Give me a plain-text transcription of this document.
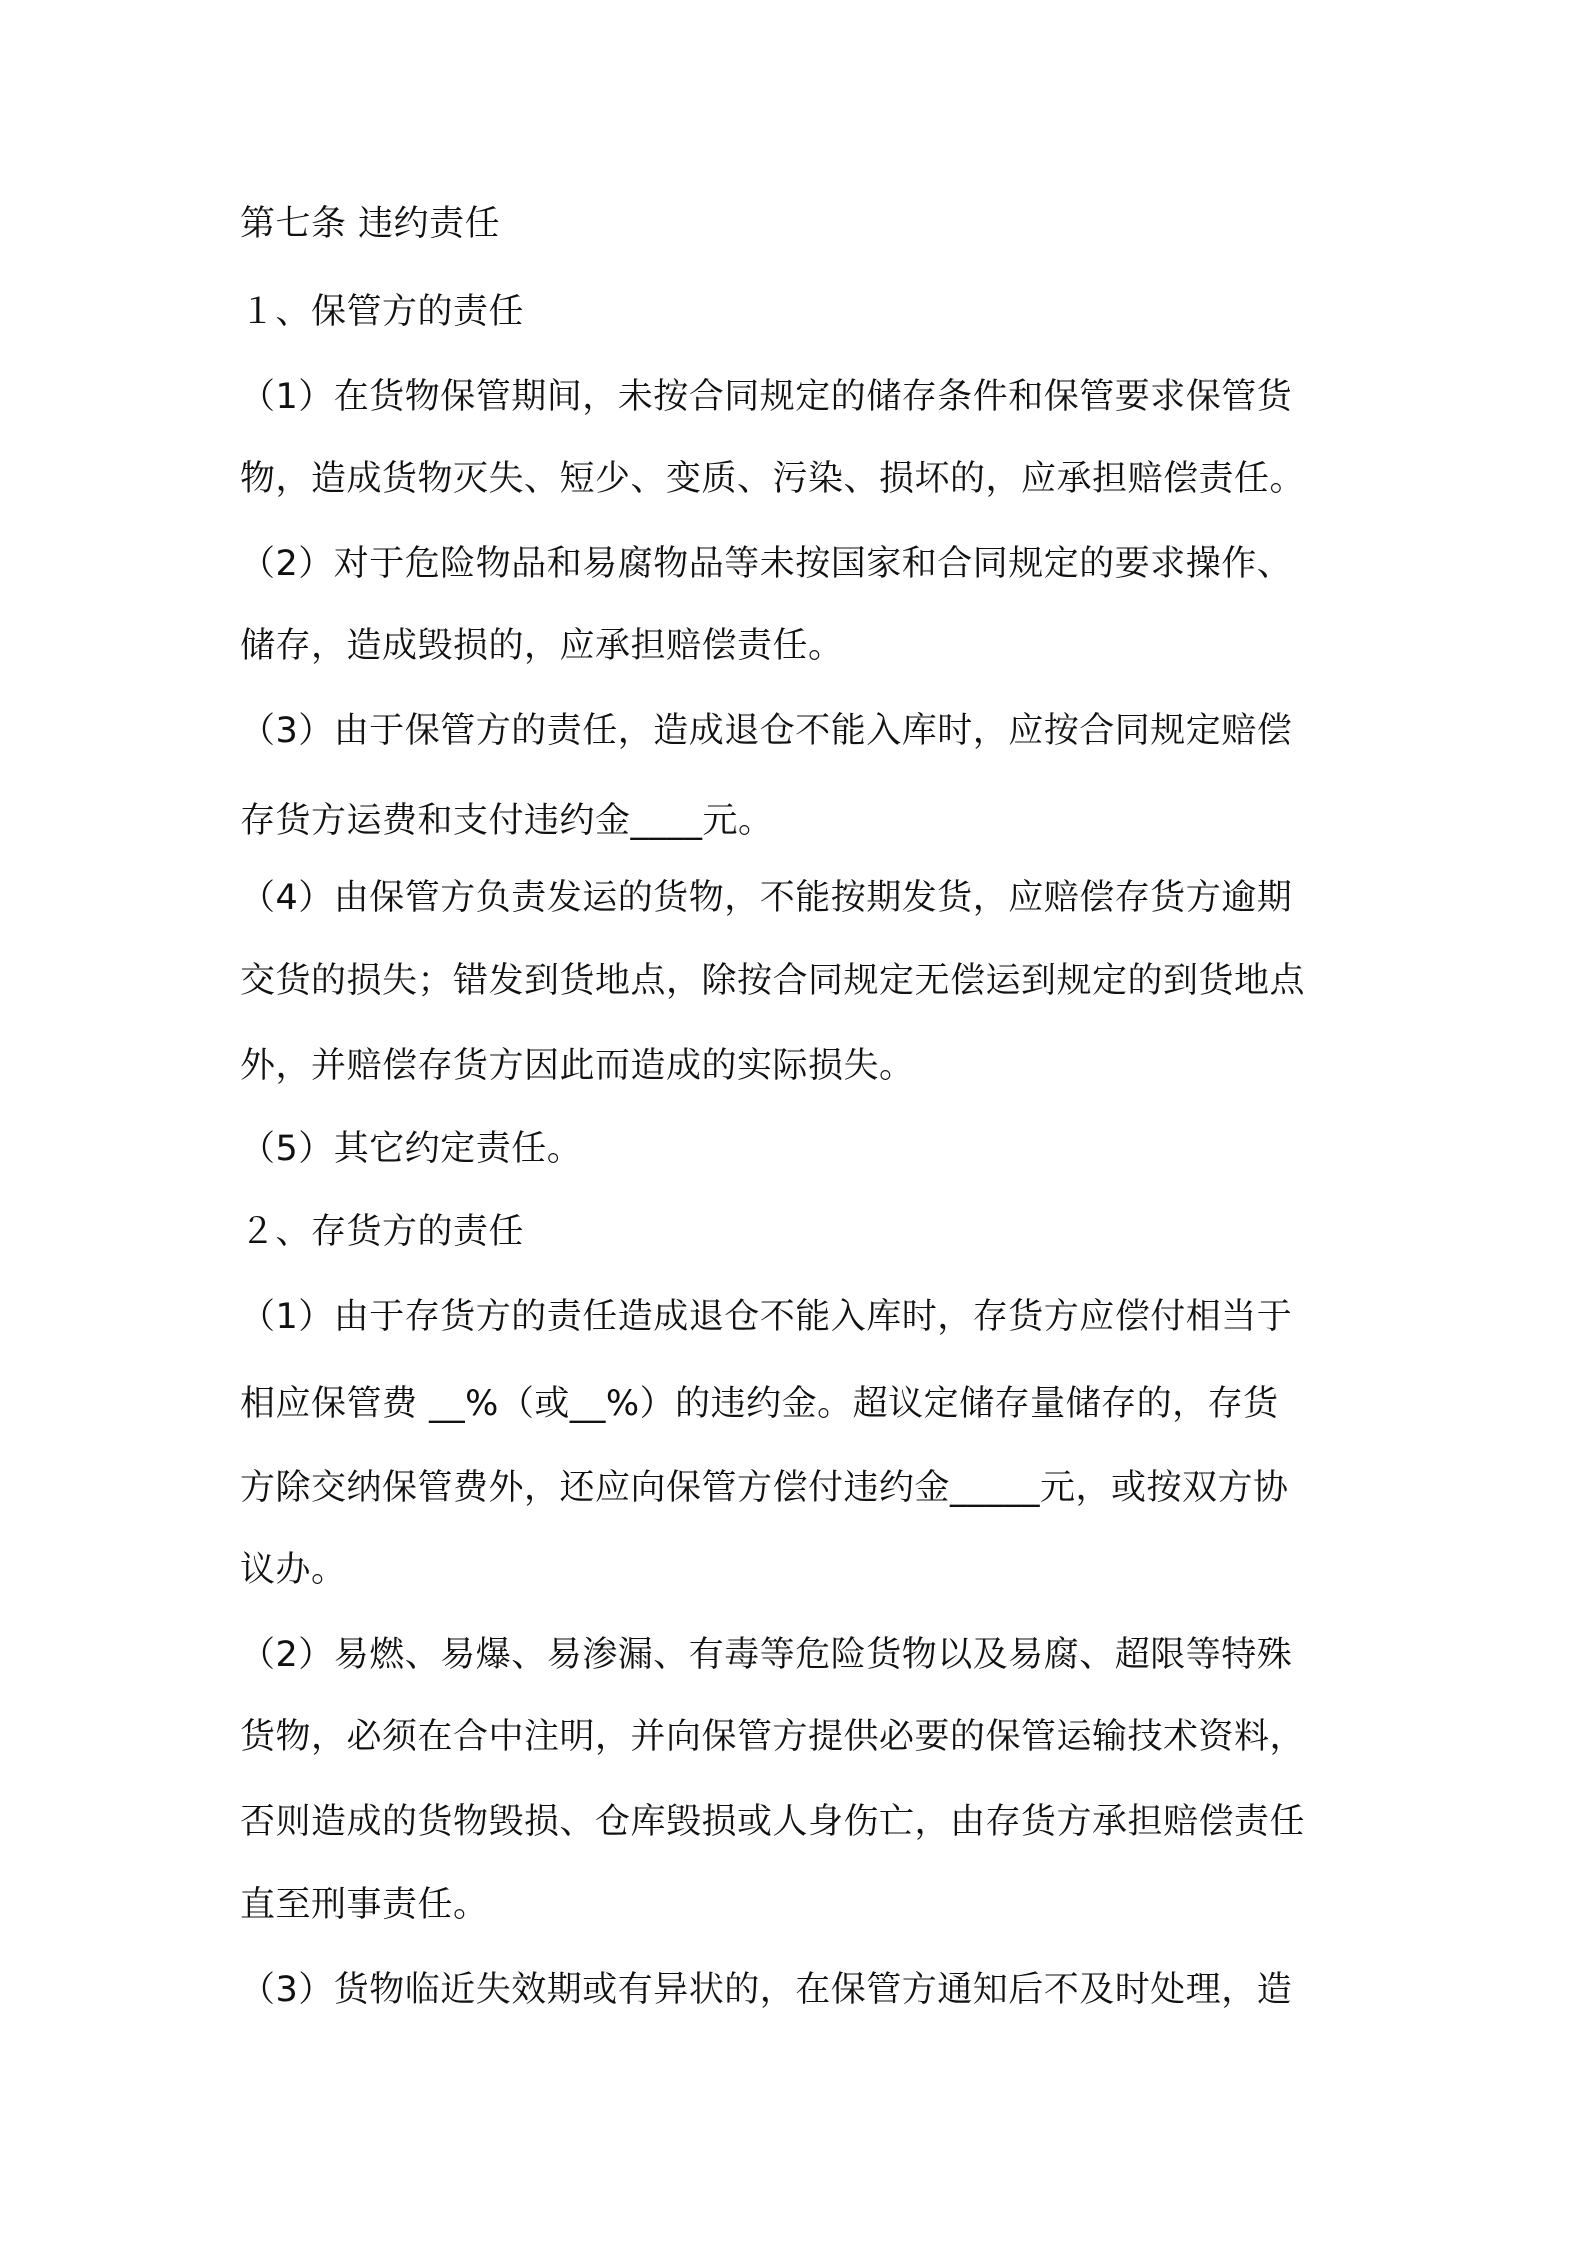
第七条 违约责任
１、保管方的责任
（1）在货物保管期间，未按合同规定的储存条件和保管要求保管货
物，造成货物灭失、短少、变质、污染、损坏的，应承担赔偿责任。
（2）对于危险物品和易腐物品等未按国家和合同规定的要求操作、
储存，造成毁损的，应承担赔偿责任。
（3）由于保管方的责任，造成退仓不能入库时，应按合同规定赔偿
存货方运费和支付违约金____元。
（4）由保管方负责发运的货物，不能按期发货，应赔偿存货方逾期
交货的损失；错发到货地点，除按合同规定无偿运到规定的到货地点
外，并赔偿存货方因此而造成的实际损失。
（5）其它约定责任。
２、存货方的责任
（1）由于存货方的责任造成退仓不能入库时，存货方应偿付相当于
相应保管费 __%（或__%）的违约金。超议定储存量储存的，存货
方除交纳保管费外，还应向保管方偿付违约金_____元，或按双方协
议办。
（2）易燃、易爆、易渗漏、有毒等危险货物以及易腐、超限等特殊
货物，必须在合中注明，并向保管方提供必要的保管运输技术资料，
否则造成的货物毁损、仓库毁损或人身伤亡，由存货方承担赔偿责任
直至刑事责任。
（3）货物临近失效期或有异状的，在保管方通知后不及时处理，造
